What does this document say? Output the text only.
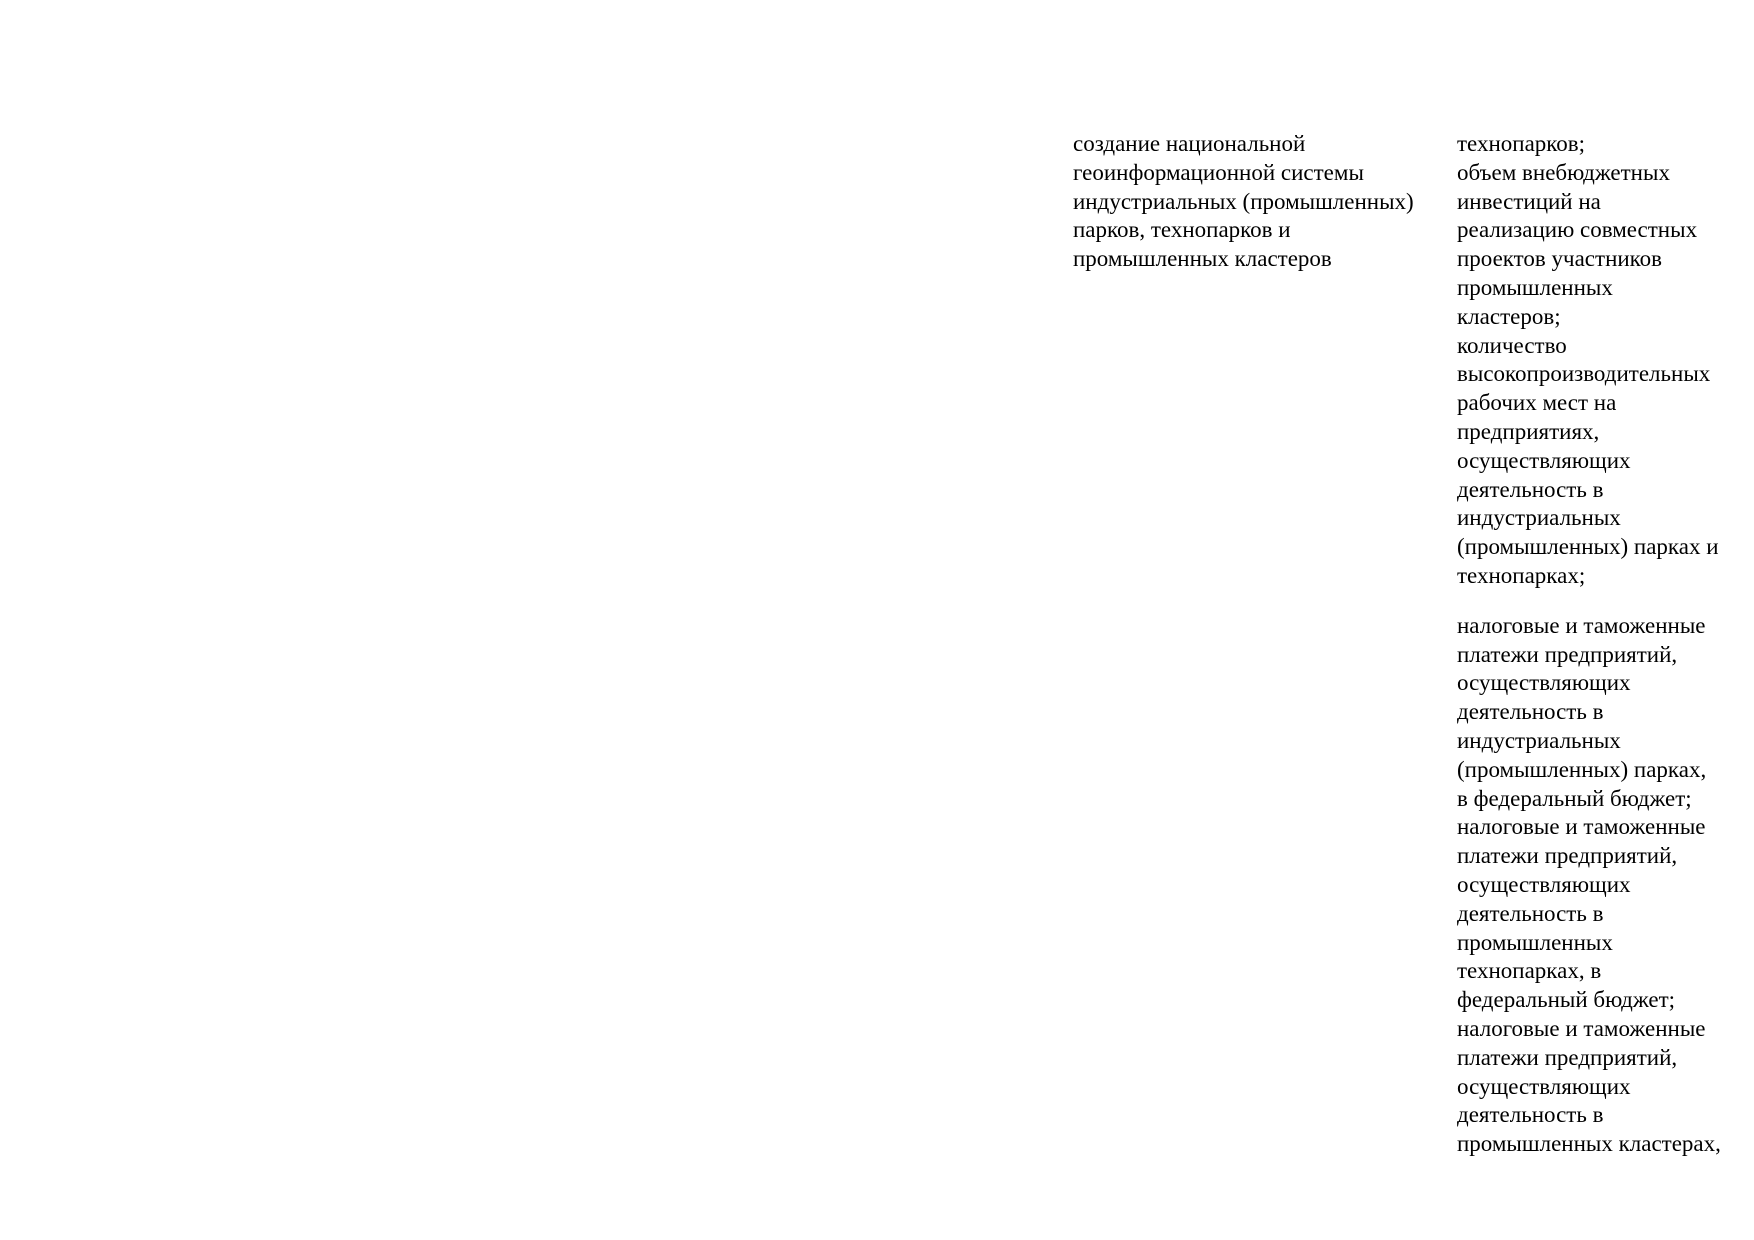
создание национальной
геоинформационной системы
индустриальных (промышленных)
парков, технопарков и
промышленных кластеров
технопарков;
объем внебюджетных
инвестиций на
реализацию совместных
проектов участников
промышленных
кластеров;
количество
высокопроизводительных
рабочих мест на
предприятиях,
осуществляющих
деятельность в
индустриальных
(промышленных) парках и
технопарках;
налоговые и таможенные
платежи предприятий,
осуществляющих
деятельность в
индустриальных
(промышленных) парках,
в федеральный бюджет;
налоговые и таможенные
платежи предприятий,
осуществляющих
деятельность в
промышленных
технопарках, в
федеральный бюджет;
налоговые и таможенные
платежи предприятий,
осуществляющих
деятельность в
промышленных кластерах,
